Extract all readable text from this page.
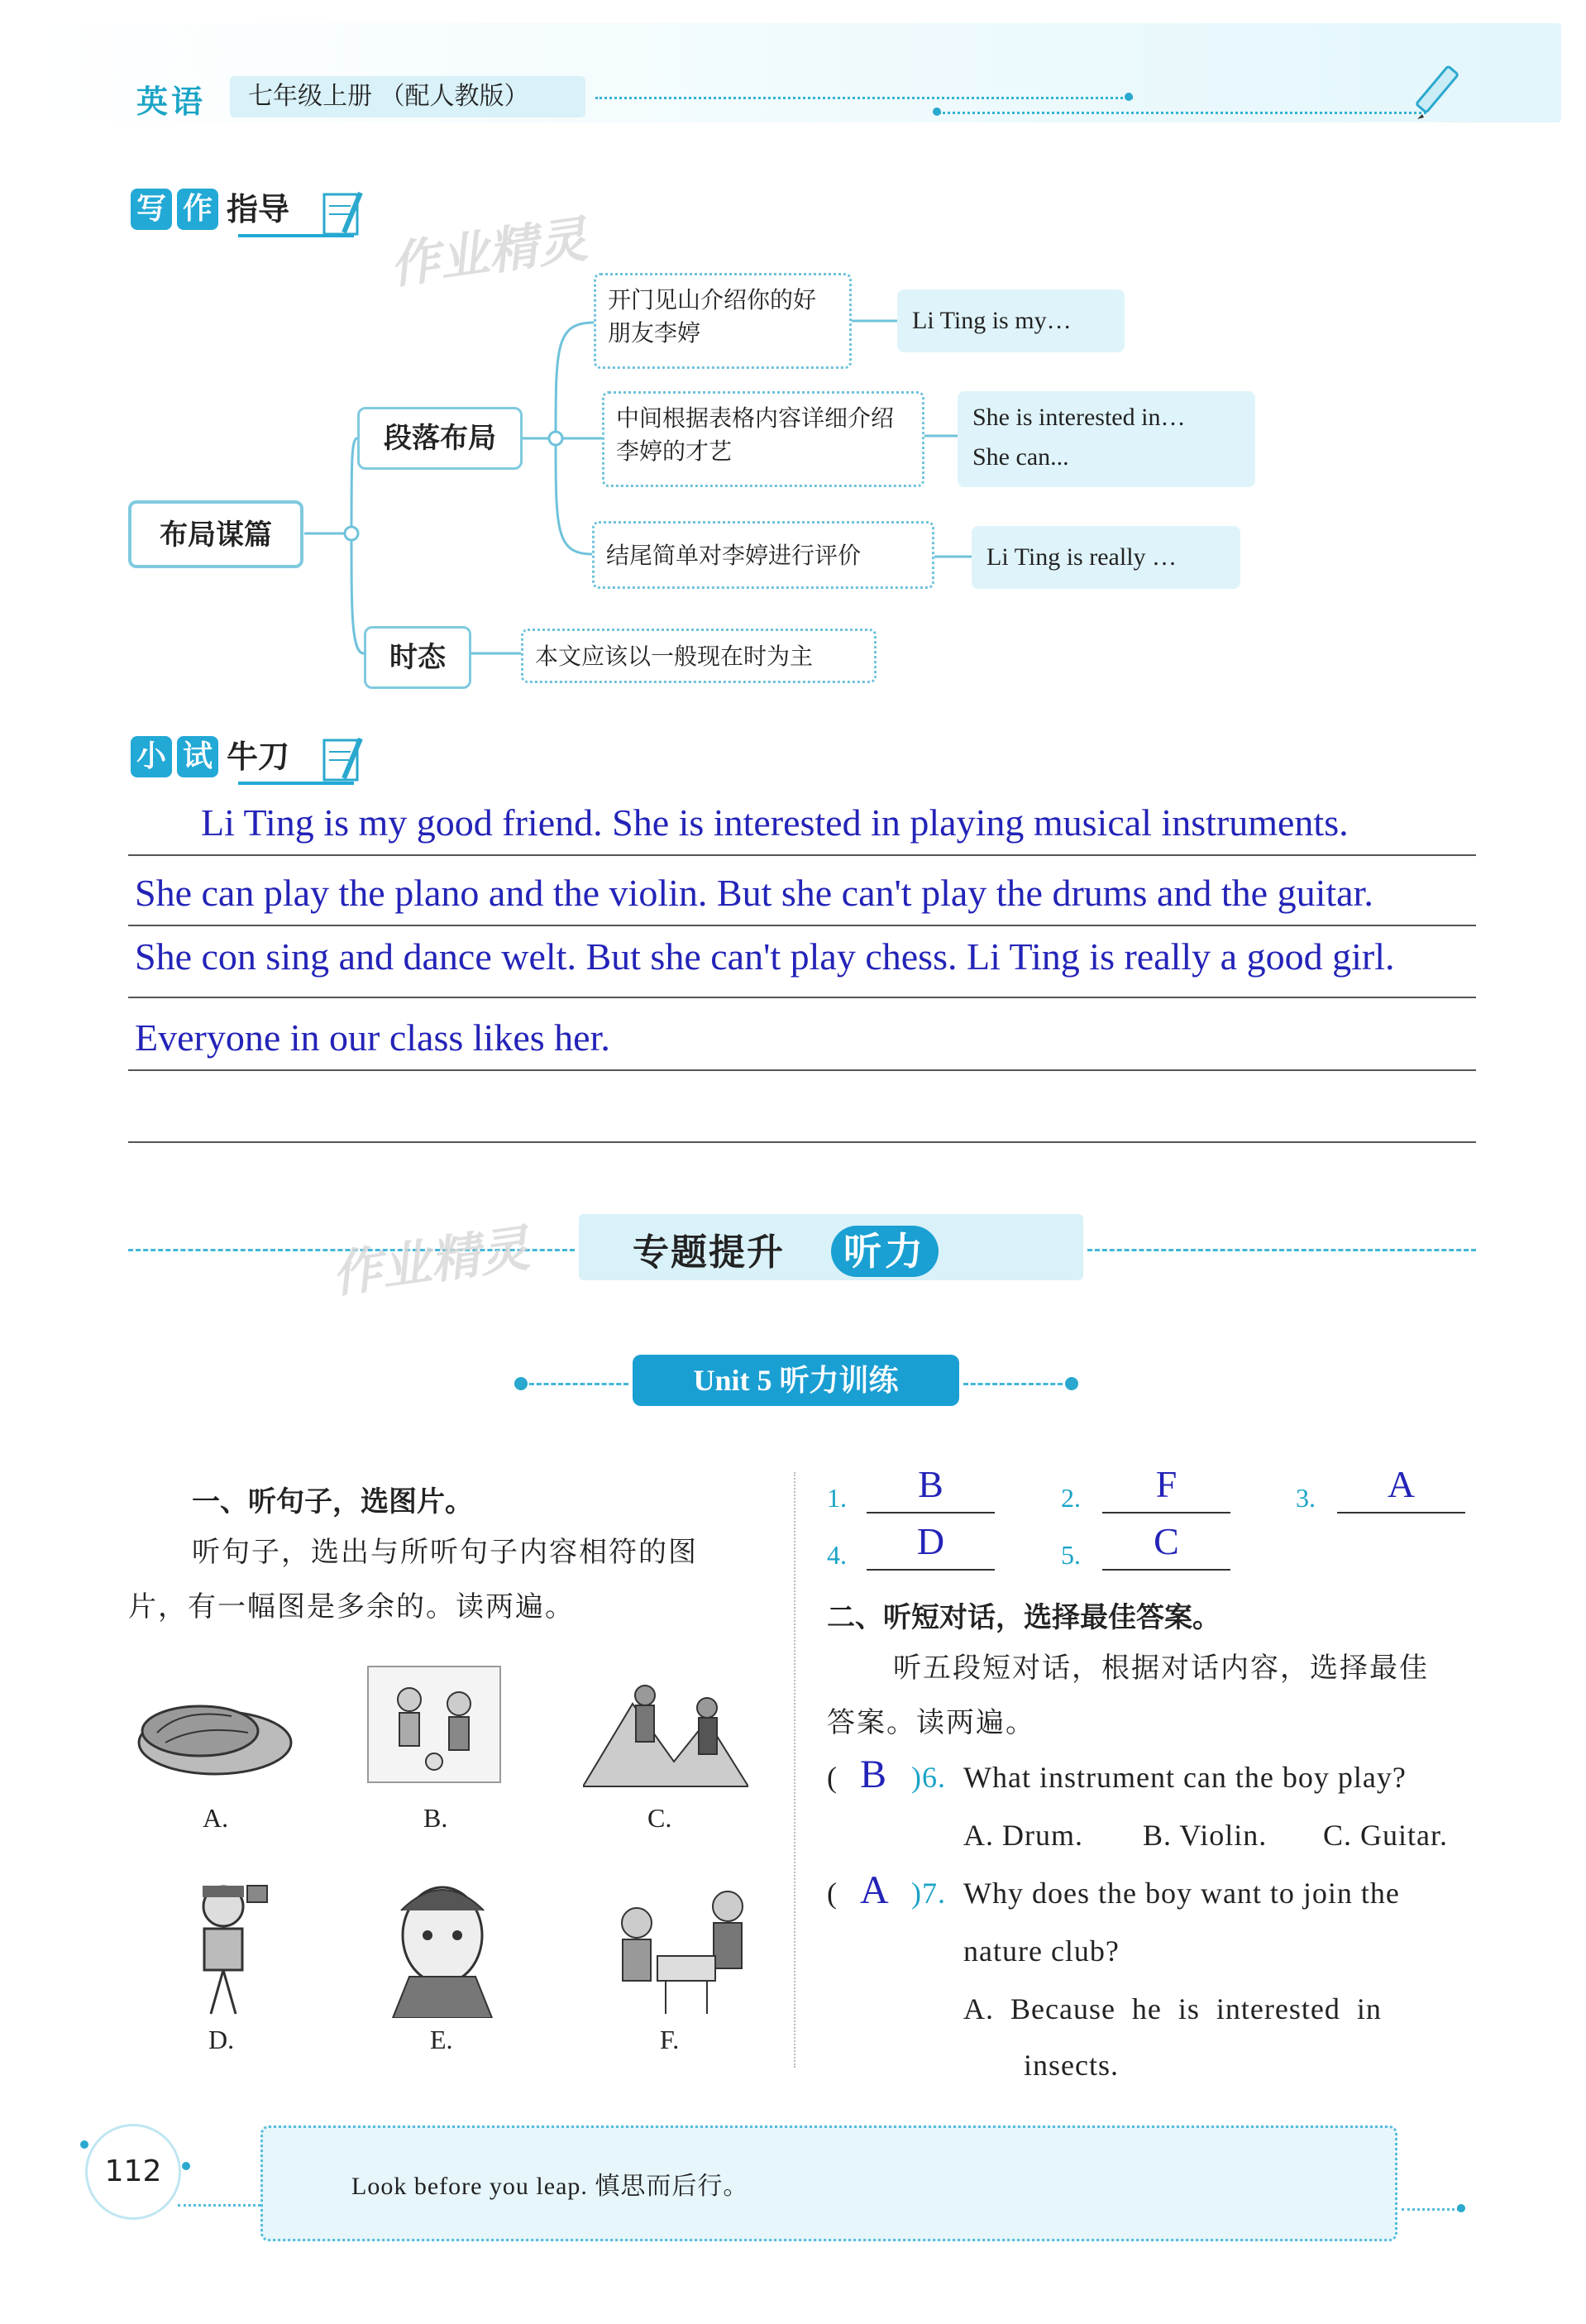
英语	七年级上册 （配人教版）
写 作 指导
作业精灵
布局谋篇
段落布局
时态
开门见山介绍你的好朋友李婷	Li Ting is my…
中间根据表格内容详细介绍李婷的才艺
She is interested in…
She can...
结尾简单对李婷进行评价	Li Ting is really …
本文应该以一般现在时为主
小 试 牛刀
Li Ting is my good friend. She is interested in playing musical instruments.
She can play the plano and the violin. But she can't play the drums and the guitar.
She con sing and dance welt. But she can't play chess. Li Ting is really a good girl.
Everyone in our class likes her.
作业精灵	专题提升	听力
Unit 5 听力训练
一、听句子，选图片。
听句子，选出与所听句子内容相符的图
片，有一幅图是多余的。读两遍。
A.	B.	C.
D.	E.	F.
1.	B	2.	F	3.	A
4.	D	5.	C
二、听短对话，选择最佳答案。
听五段短对话，根据对话内容，选择最佳
答案。读两遍。
( B )6. What instrument can the boy play?
A. Drum. B. Violin. C. Guitar.
( A )7. Why does the boy want to join the
nature club?
A.  Because  he  is  interested  in
insects.
112	Look before you leap. 慎思而后行。
